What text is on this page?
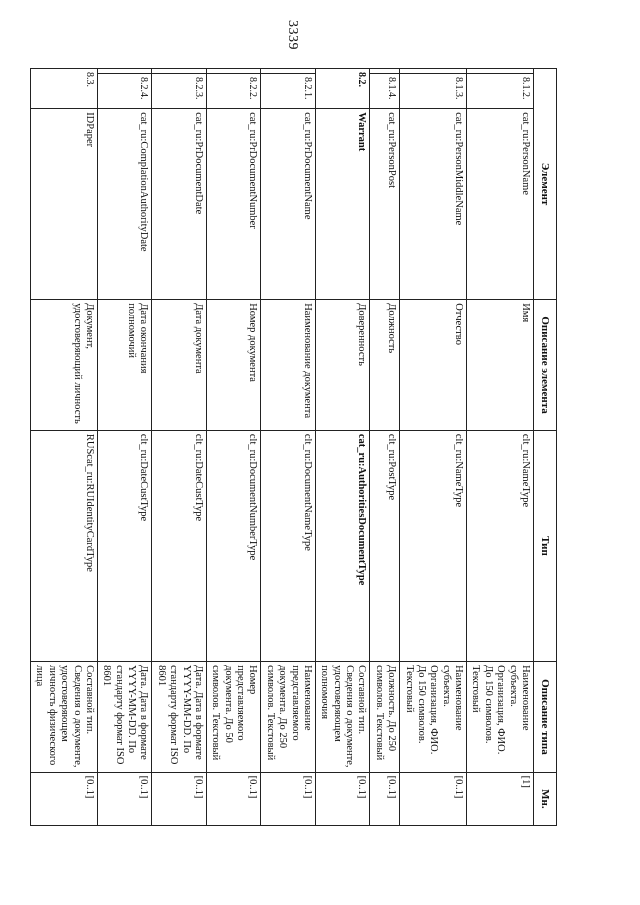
3339
Элемент			Описание элемента	Тип	Описание типа	Мн.
	8.1.2.	cat_ru:PersonName	Имя	clt_ru:NameType	Наименование субъекта. Организация, ФИО. До 150 символов. Текстовый	[1]
	8.1.3.	cat_ru:PersonMiddleName	Отчество	clt_ru:NameType	Наименование субъекта. Организация, ФИО. До 150 символов. Текстовый	[0..1]
	8.1.4.	cat_ru:PersonPost	Должность	clt_ru:PostType	Должность. До 250 символов. Текстовый	[0..1]
8.2.		Warrant	Доверенность	cat_ru:AuthoritiesDocumentType	Составной тип. Сведения о документе, удостоверяющем полномочия	[0..1]
	8.2.1.	cat_ru:PrDocumentName	Наименование документа	clt_ru:DocumentNameType	Наименование представляемого документа. До 250 символов. Текстовый	[0..1]
	8.2.2.	cat_ru:PrDocumentNumber	Номер документа	clt_ru:DocumentNumberType	Номер представляемого документа. До 50 символов. Текстовый	[0..1]
	8.2.3.	cat_ru:PrDocumentDate	Дата документа	clt_ru:DateCustType	Дата. Дата в формате YYYY-MM-DD. По стандарту формат ISO 8601	[0..1]
	8.2.4.	cat_ru:ComplationAuthorityDate	Дата окончания полномочий	clt_ru:DateCustType	Дата. Дата в формате YYYY-MM-DD. По стандарту формат ISO 8601	[0..1]
8.3.		IDPaper	Документ, удостоверяющий личность	RUScat_ru:RUIdentityCardType	Составной тип. Сведения о документе, удостоверяющем личность физического лица	[0..1]
